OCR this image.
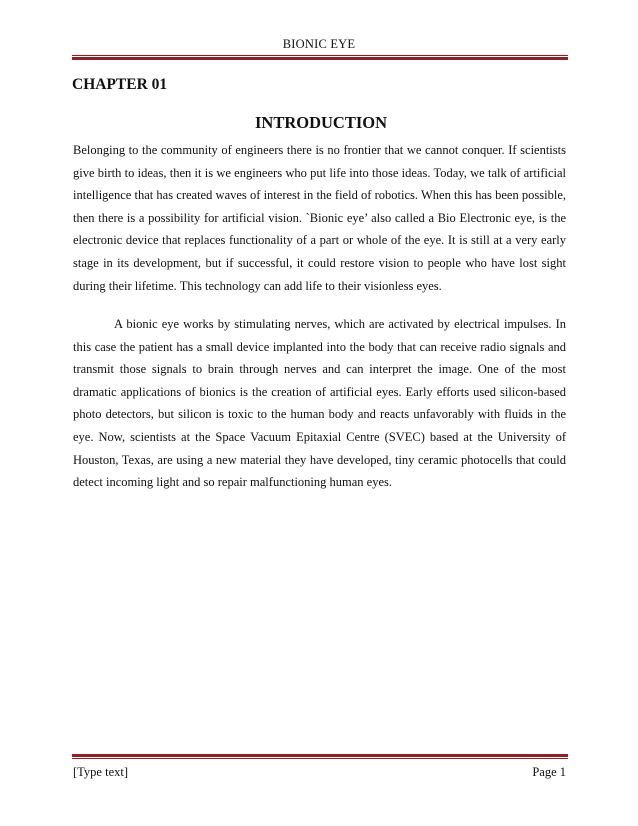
BIONIC EYE
CHAPTER 01
INTRODUCTION

Belonging to the community of engineers there is no frontier that we cannot conquer. If scientists give birth to ideas, then it is we engineers who put life into those ideas. Today, we talk of artificial intelligence that has created waves of interest in the field of robotics. When this has been possible, then there is a possibility for artificial vision. `Bionic eye’ also called a Bio Electronic eye, is the electronic device that replaces functionality of a part or whole of the eye. It is still at a very early stage in its development, but if successful, it could restore vision to people who have lost sight during their lifetime. This technology can add life to their visionless eyes.

A bionic eye works by stimulating nerves, which are activated by electrical impulses. In this case the patient has a small device implanted into the body that can receive radio signals and transmit those signals to brain through nerves and can interpret the image. One of the most dramatic applications of bionics is the creation of artificial eyes. Early efforts used silicon-based photo detectors, but silicon is toxic to the human body and reacts unfavorably with fluids in the eye. Now, scientists at the Space Vacuum Epitaxial Centre (SVEC) based at the University of Houston, Texas, are using a new material they have developed, tiny ceramic photocells that could detect incoming light and so repair malfunctioning human eyes.

[Type text]	Page 1
